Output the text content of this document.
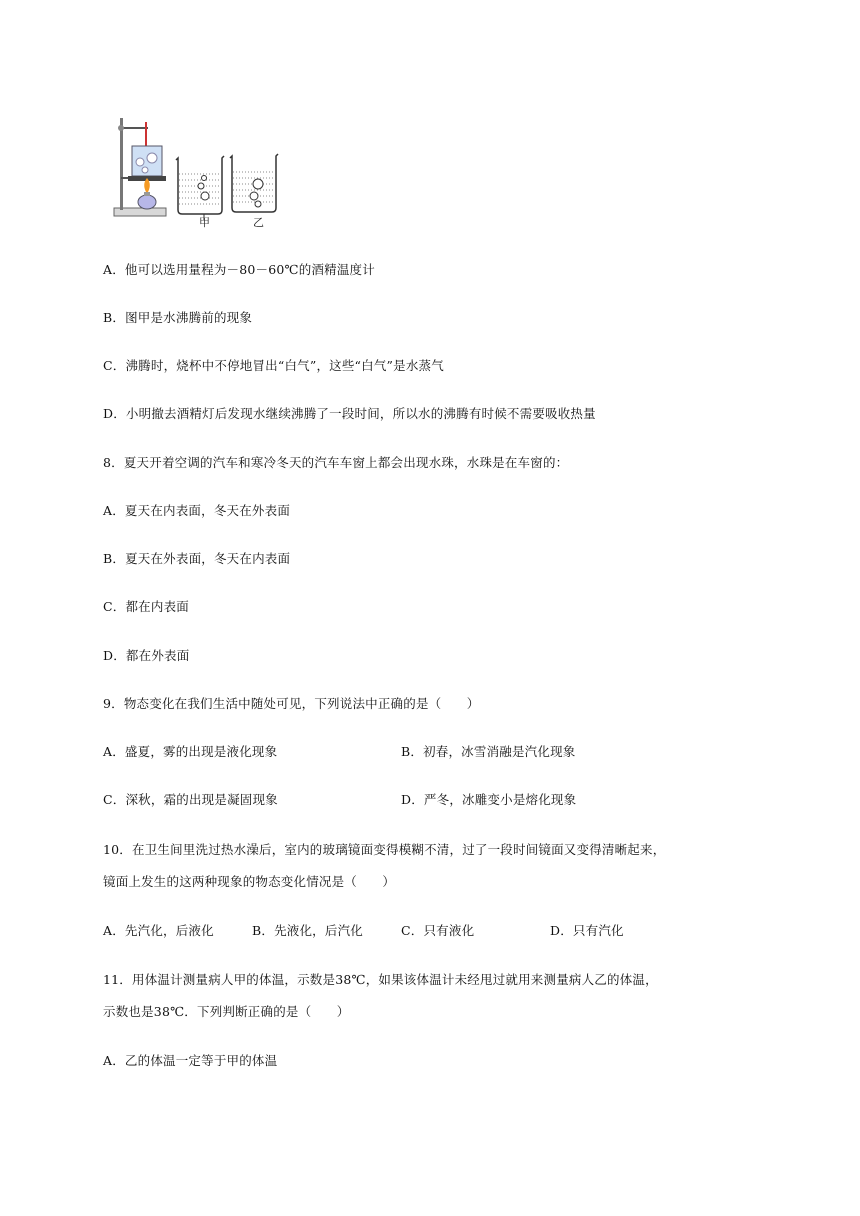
甲	乙
A．他可以选用量程为－80－60℃的酒精温度计
B．图甲是水沸腾前的现象
C．沸腾时，烧杯中不停地冒出“白气”，这些“白气”是水蒸气
D．小明撤去酒精灯后发现水继续沸腾了一段时间，所以水的沸腾有时候不需要吸收热量
8．夏天开着空调的汽车和寒冷冬天的汽车车窗上都会出现水珠，水珠是在车窗的：
A．夏天在内表面，冬天在外表面
B．夏天在外表面，冬天在内表面
C．都在内表面
D．都在外表面
9．物态变化在我们生活中随处可见，下列说法中正确的是（　　）
A．盛夏，雾的出现是液化现象	B．初春，冰雪消融是汽化现象
C．深秋，霜的出现是凝固现象	D．严冬，冰雕变小是熔化现象
10．在卫生间里洗过热水澡后，室内的玻璃镜面变得模糊不清，过了一段时间镜面又变得清晰起来，
镜面上发生的这两种现象的物态变化情况是（　　）
A．先汽化，后液化	B．先液化，后汽化	C．只有液化	D．只有汽化
11．用体温计测量病人甲的体温，示数是38℃，如果该体温计未经甩过就用来测量病人乙的体温，
示数也是38℃．下列判断正确的是（　　）
A．乙的体温一定等于甲的体温
